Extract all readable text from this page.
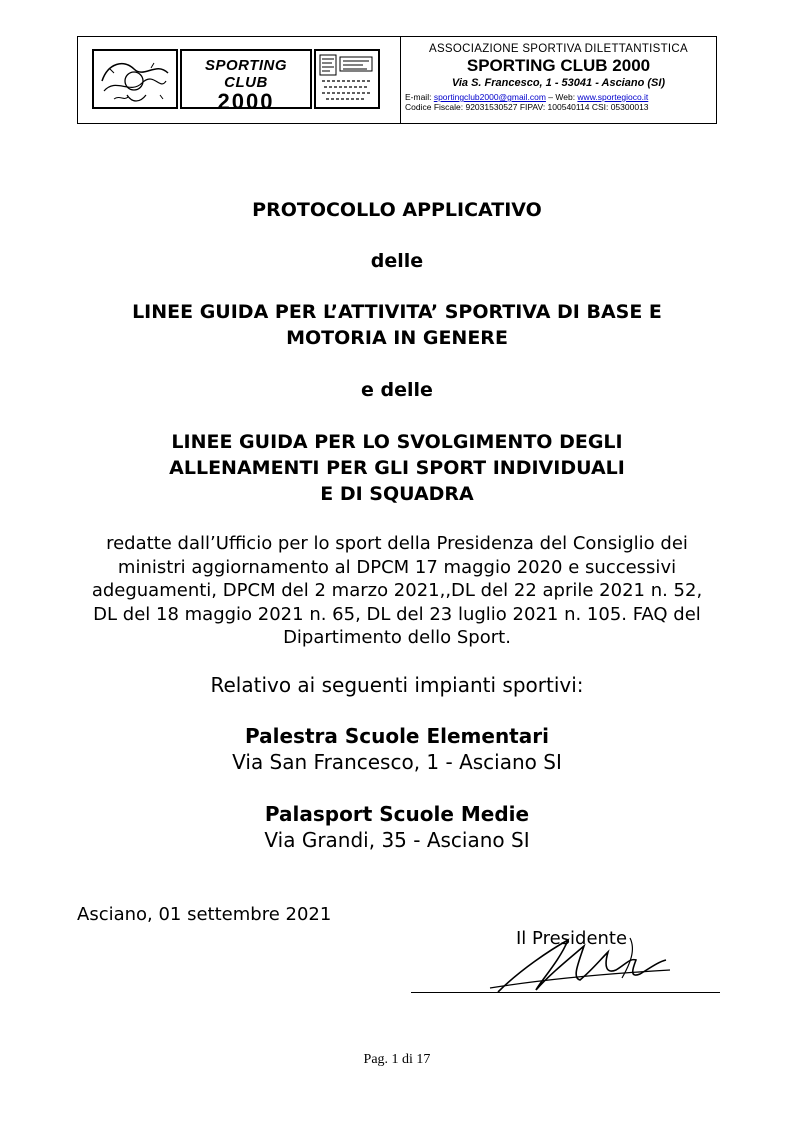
SPORTING CLUB
2000
ASSOCIAZIONE SPORTIVA DILETTANTISTICA
SPORTING CLUB 2000
Via S. Francesco, 1 - 53041 - Asciano (SI)
E-mail: sportingclub2000@gmail.com – Web: www.sportegioco.it
Codice Fiscale: 92031530527 FIPAV: 100540114 CSI: 05300013
PROTOCOLLO APPLICATIVO
delle
LINEE GUIDA PER L’ATTIVITA’ SPORTIVA DI BASE E
MOTORIA IN GENERE
e delle
LINEE GUIDA PER LO SVOLGIMENTO DEGLI
ALLENAMENTI PER GLI SPORT INDIVIDUALI
E DI SQUADRA
redatte dall’Ufficio per lo sport della Presidenza del Consiglio dei
ministri aggiornamento al DPCM 17 maggio 2020 e successivi
adeguamenti, DPCM del 2 marzo 2021,,DL del 22 aprile 2021 n. 52,
DL del 18 maggio 2021 n. 65, DL del 23 luglio 2021 n. 105. FAQ del
Dipartimento dello Sport.
Relativo ai seguenti impianti sportivi:
Palestra Scuole Elementari
Via San Francesco, 1 - Asciano SI
Palasport Scuole Medie
Via Grandi, 35 - Asciano SI
Asciano, 01 settembre 2021
Il Presidente
Pag. 1 di 17
